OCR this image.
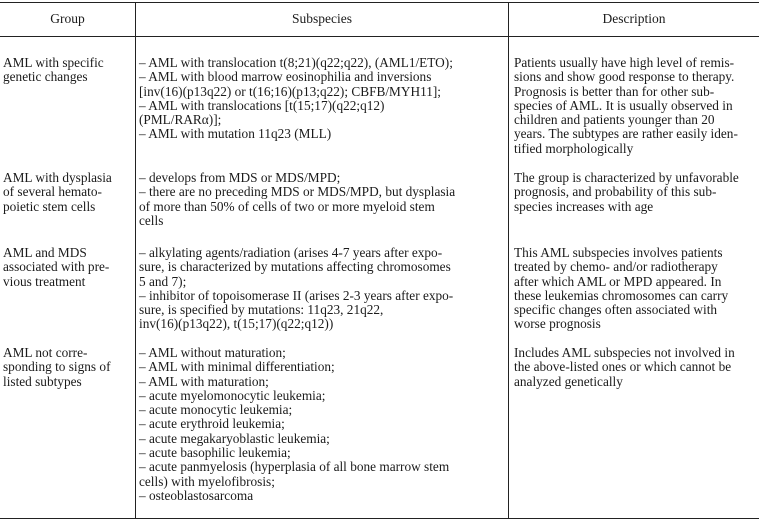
Group	Subspecies	Description
AML with specific
genetic changes
– AML with translocation t(8;21)(q22;q22), (AML1/ETO);
– AML with blood marrow eosinophilia and inversions
[inv(16)(p13q22) or t(16;16)(p13;q22); CBFB/MYH11];
– AML with translocations [t(15;17)(q22;q12)
(PML/RARα)];
– AML with mutation 11q23 (MLL)
Patients usually have high level of remis-
sions and show good response to therapy.
Prognosis is better than for other sub-
species of AML. It is usually observed in
children and patients younger than 20
years. The subtypes are rather easily iden-
tified morphologically
AML with dysplasia
of several hemato-
poietic stem cells
– develops from MDS or MDS/MPD;
– there are no preceding MDS or MDS/MPD, but dysplasia
of more than 50% of cells of two or more myeloid stem
cells
The group is characterized by unfavorable
prognosis, and probability of this sub-
species increases with age
AML and MDS
associated with pre-
vious treatment
– alkylating agents/radiation (arises 4-7 years after expo-
sure, is characterized by mutations affecting chromosomes
5 and 7);
– inhibitor of topoisomerase II (arises 2-3 years after expo-
sure, is specified by mutations: 11q23, 21q22,
inv(16)(p13q22), t(15;17)(q22;q12))
This AML subspecies involves patients
treated by chemo- and/or radiotherapy
after which AML or MPD appeared. In
these leukemias chromosomes can carry
specific changes often associated with
worse prognosis
AML not corre-
sponding to signs of
listed subtypes
– AML without maturation;
– AML with minimal differentiation;
– AML with maturation;
– acute myelomonocytic leukemia;
– acute monocytic leukemia;
– acute erythroid leukemia;
– acute megakaryoblastic leukemia;
– acute basophilic leukemia;
– acute panmyelosis (hyperplasia of all bone marrow stem
cells) with myelofibrosis;
– osteoblastosarcoma
Includes AML subspecies not involved in
the above-listed ones or which cannot be
analyzed genetically
